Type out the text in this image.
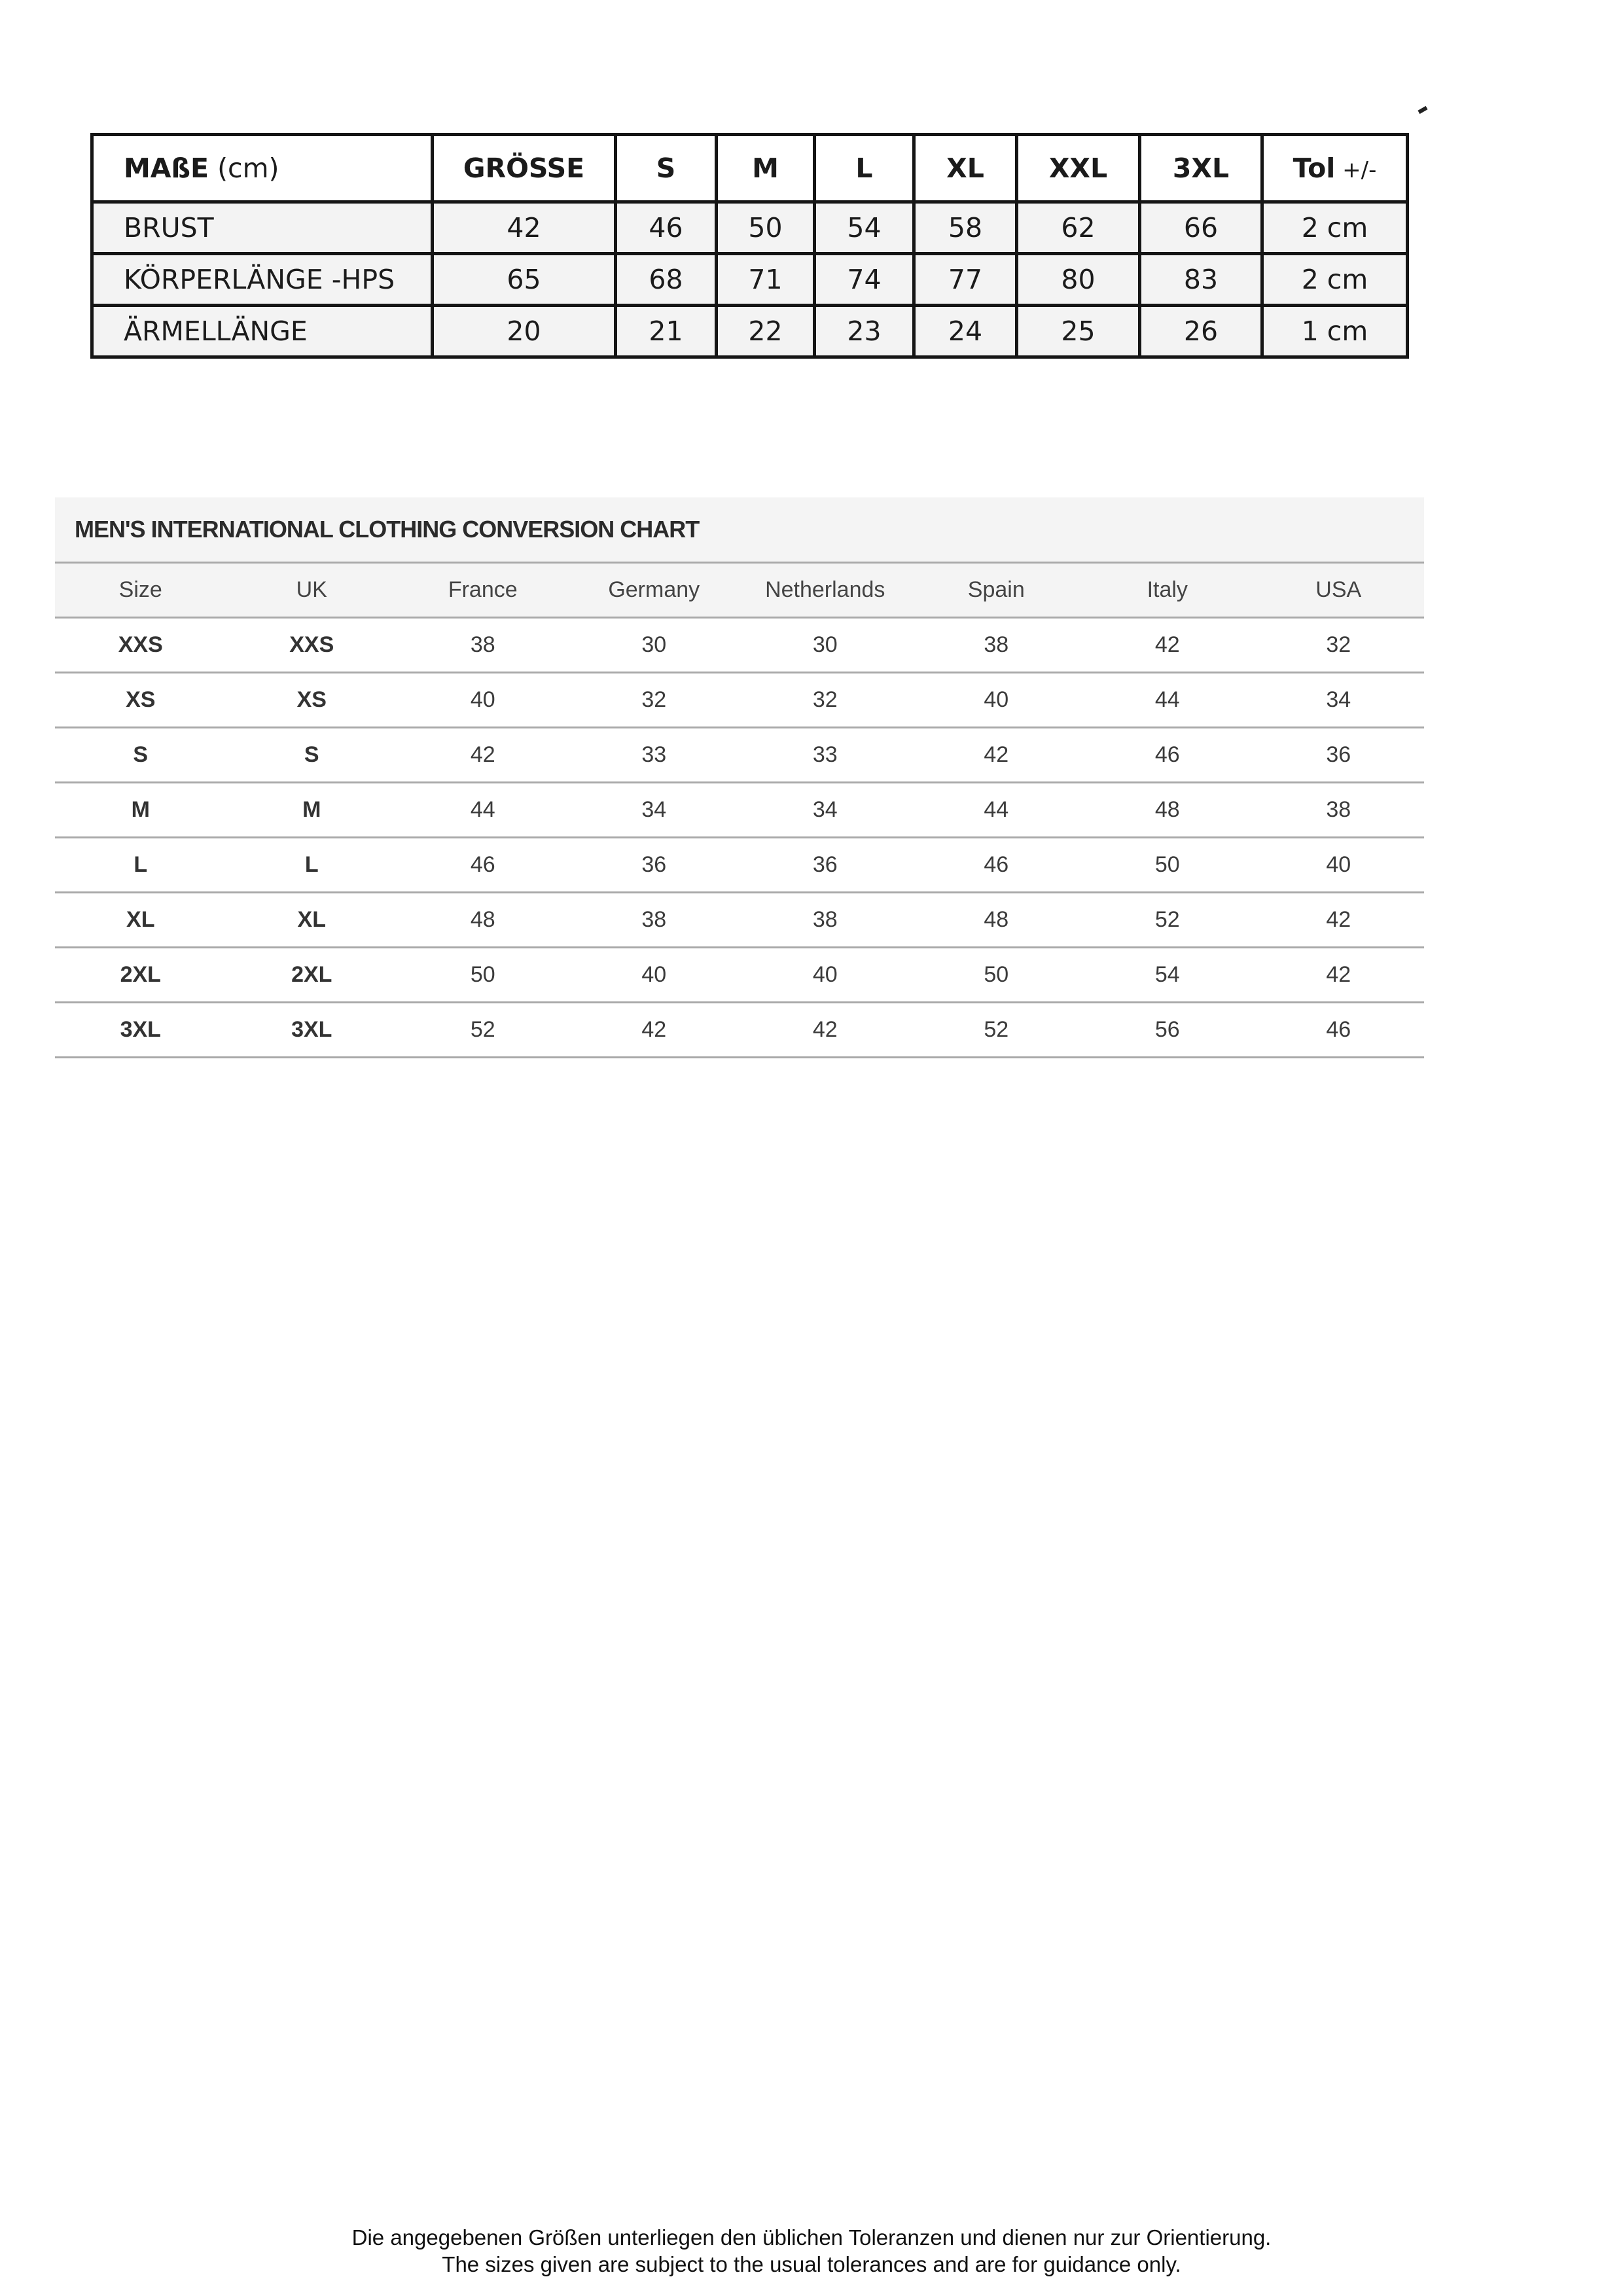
MAßE (cm)	GRÖSSE	S	M	L	XL	XXL	3XL	Tol +/-
BRUST	42	46	50	54	58	62	66	2 cm
KÖRPERLÄNGE -HPS	65	68	71	74	77	80	83	2 cm
ÄRMELLÄNGE	20	21	22	23	24	25	26	1 cm
MEN'S INTERNATIONAL CLOTHING CONVERSION CHART
Size	UK	France	Germany	Netherlands	Spain	Italy	USA
XXS	XXS	38	30	30	38	42	32
XS	XS	40	32	32	40	44	34
S	S	42	33	33	42	46	36
M	M	44	34	34	44	48	38
L	L	46	36	36	46	50	40
XL	XL	48	38	38	48	52	42
2XL	2XL	50	40	40	50	54	42
3XL	3XL	52	42	42	52	56	46
Die angegebenen Größen unterliegen den üblichen Toleranzen und dienen nur zur Orientierung.
The sizes given are subject to the usual tolerances and are for guidance only.
